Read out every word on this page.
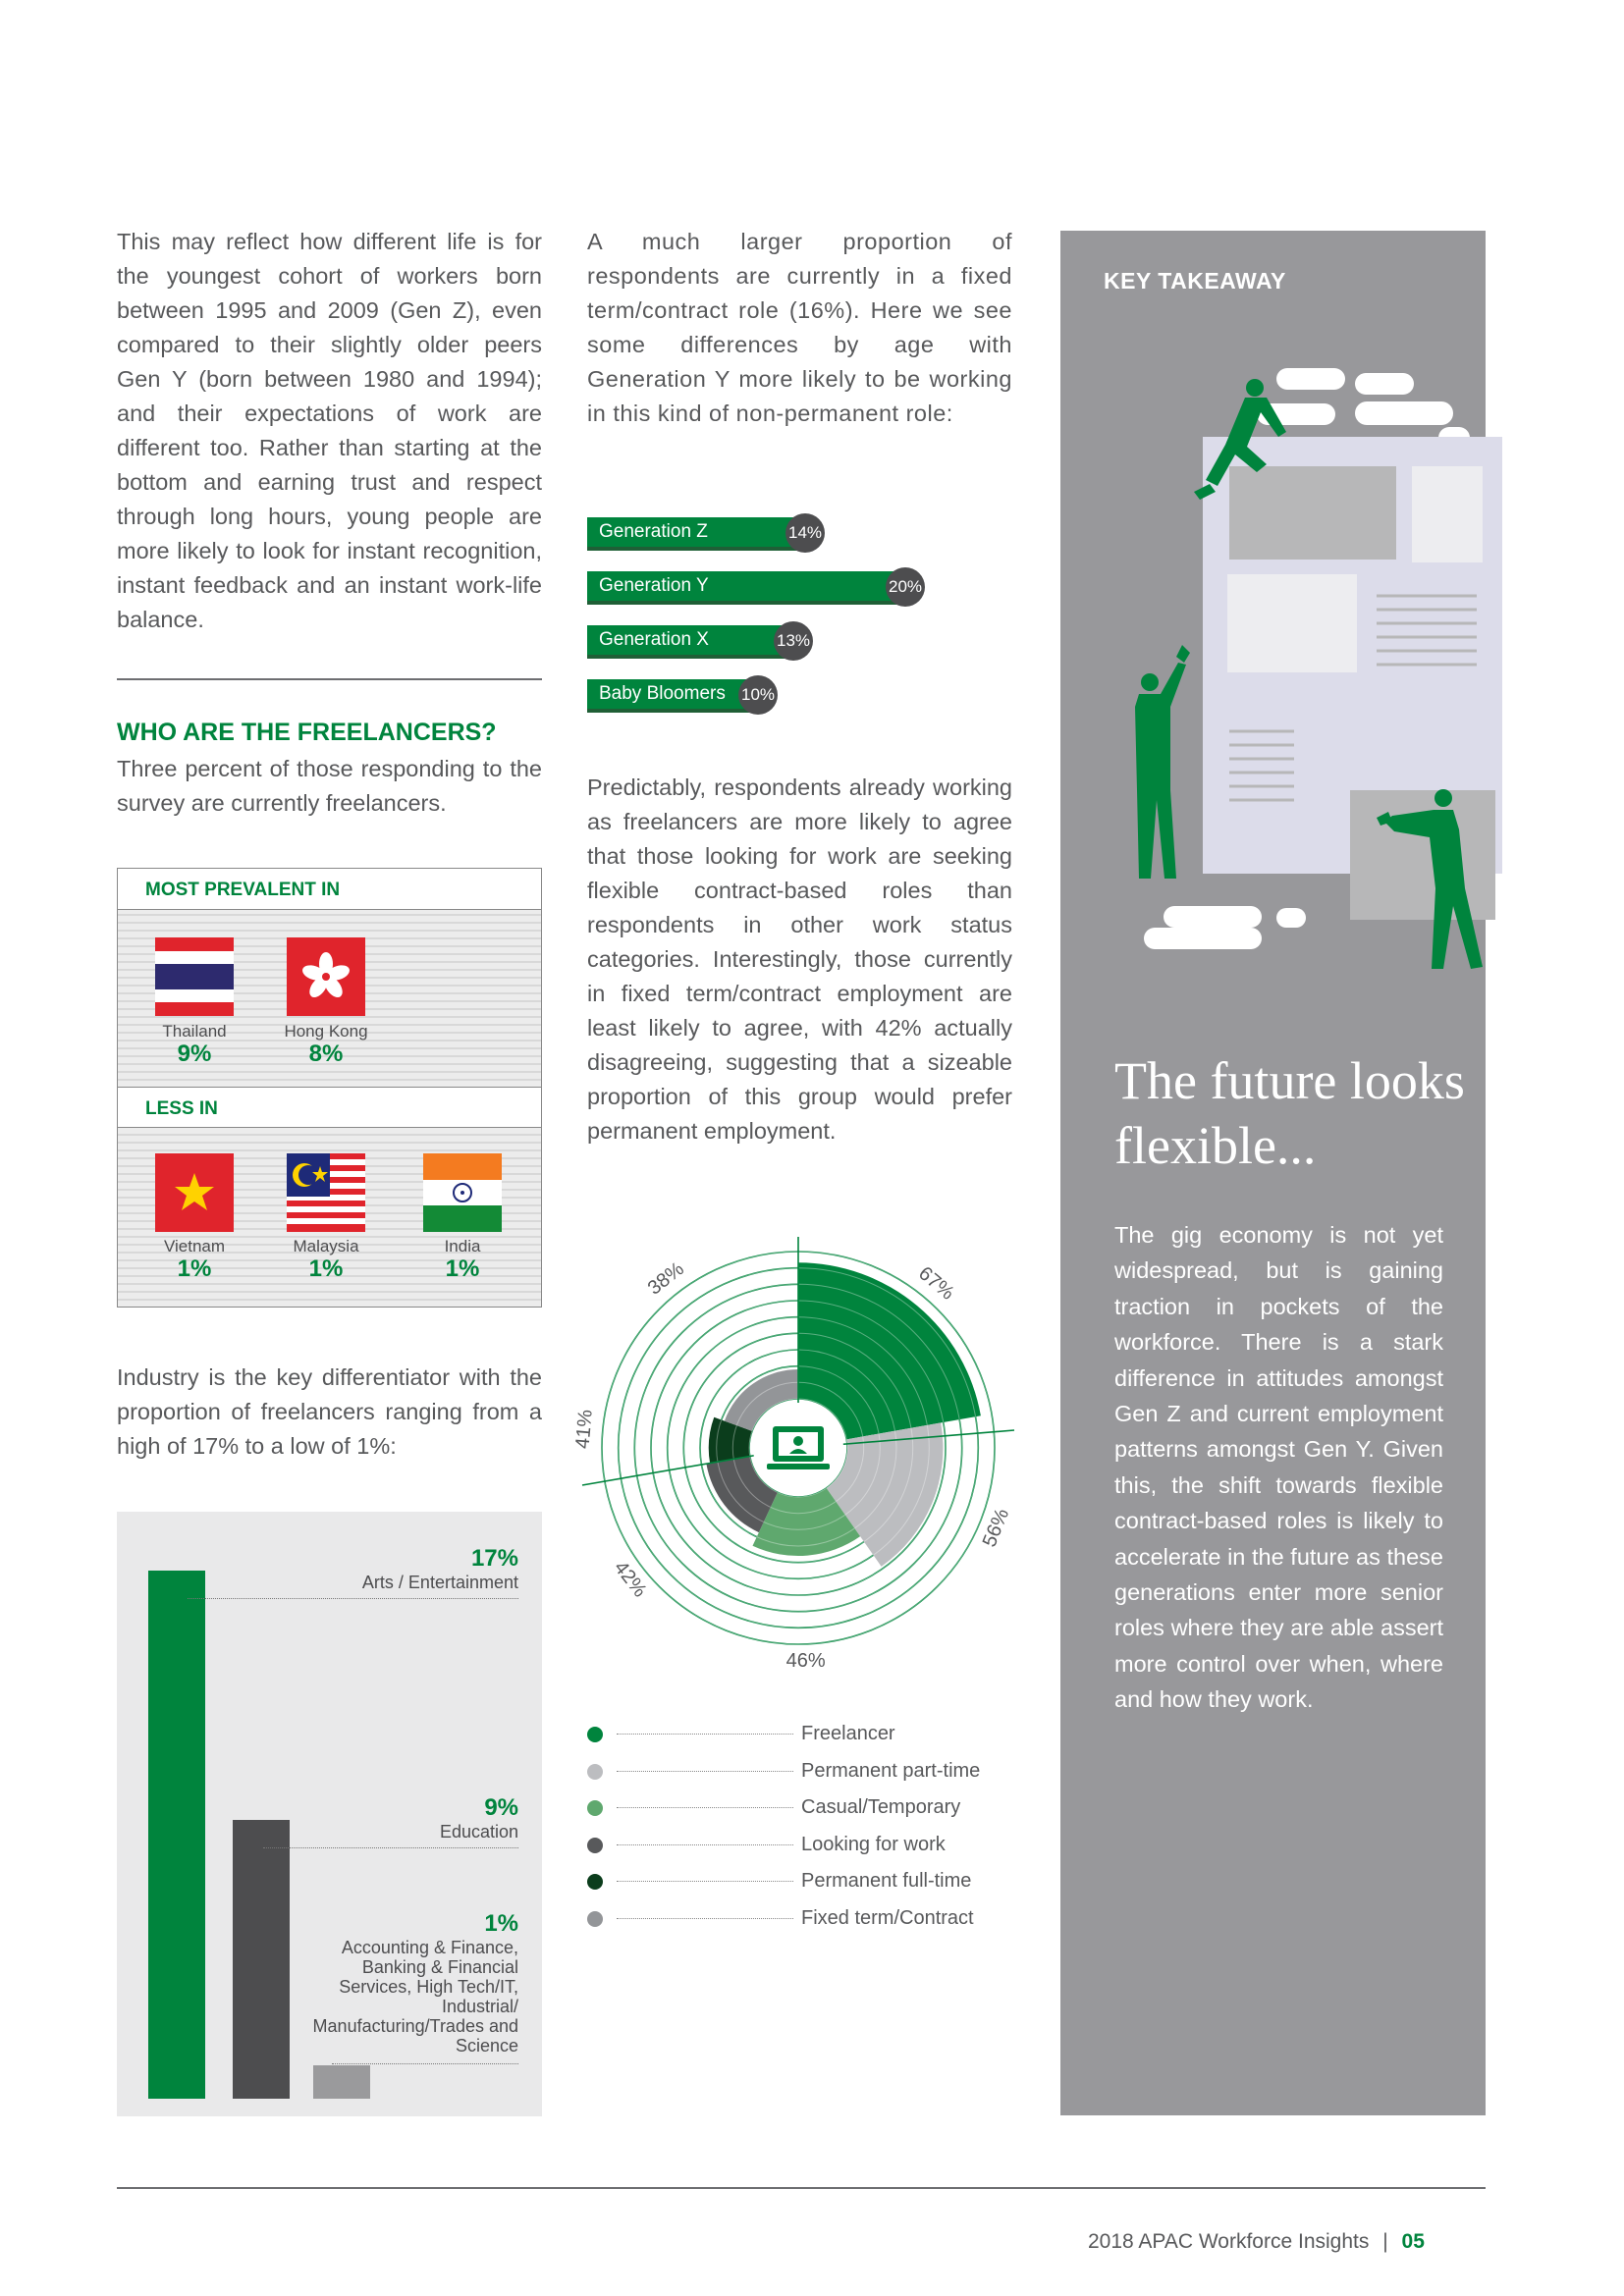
This may reflect how different life is for the youngest cohort of workers born between 1995 and 2009 (Gen Z), even compared to their slightly older peers Gen Y (born between 1980 and 1994); and their expectations of work are different too. Rather than starting at the bottom and earning trust and respect through long hours, young people are more likely to look for instant recognition, instant feedback and an instant work-life balance.

WHO ARE THE FREELANCERS?
Three percent of those responding to the survey are currently freelancers.
MOST PREVALENT IN
Thailand
9%
Hong Kong
8%
LESS IN
Vietnam
1%
Malaysia
1%
India
1%
Industry is the key differentiator with the proportion of freelancers ranging from a high of 17% to a low of 1%:
17%
Arts / Entertainment
9%
Education
1%
Accounting & Finance, Banking & Financial Services, High Tech/IT, Industrial/ Manufacturing/Trades and Science
A much larger proportion of respondents are currently in a fixed term/contract role (16%). Here we see some differences by age with Generation Y more likely to be working in this kind of non-permanent role:
Generation Z	14%
Generation Y	20%
Generation X	13%
Baby Bloomers 10%
Predictably, respondents already working as freelancers are more likely to agree that those looking for work are seeking flexible contract-based roles than respondents in other work status categories. Interestingly, those currently in fixed term/contract employment are least likely to agree, with 42% actually disagreeing, suggesting that a sizeable proportion of this group would prefer permanent employment.
67%
56%
46%
42%
41%
38%
Freelancer
Permanent part-time
Casual/Temporary
Looking for work
Permanent full-time
Fixed term/Contract
KEY TAKEAWAY
The future looks flexible...
The gig economy is not yet widespread, but is gaining traction in pockets of the workforce. There is a stark difference in attitudes amongst Gen Z and current employment patterns amongst Gen Y. Given this, the shift towards flexible contract-based roles is likely to accelerate in the future as these generations enter more senior roles where they are able assert more control over when, where and how they work.
2018 APAC Workforce Insights | 05
